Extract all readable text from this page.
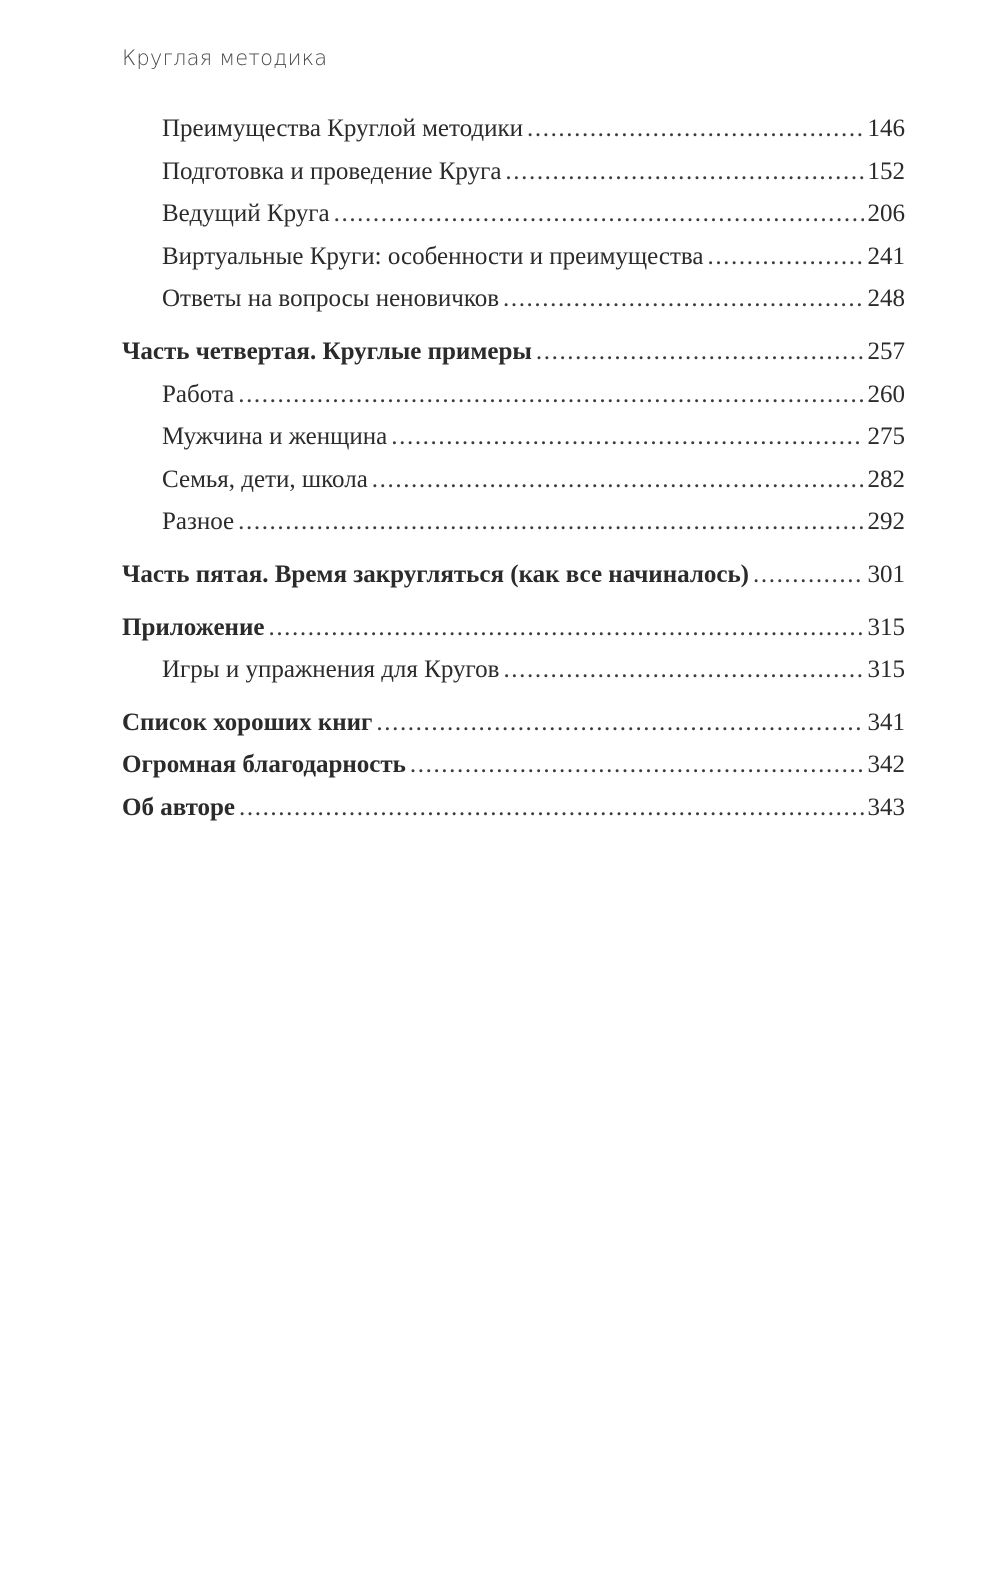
Круглая методика
Преимущества Круглой методики .....	146
Подготовка и проведение Круга .....	152
Ведущий Круга .....	206
Виртуальные Круги: особенности и преимущества .....	241
Ответы на вопросы неновичков .....	248
Часть четвертая. Круглые примеры .....	257
Работа .....	260
Мужчина и женщина .....	275
Семья, дети, школа .....	282
Разное .....	292
Часть пятая. Время закругляться (как все начиналось) .....	301
Приложение .....	315
Игры и упражнения для Кругов .....	315
Список хороших книг .....	341
Огромная благодарность .....	342
Об авторе .....	343
